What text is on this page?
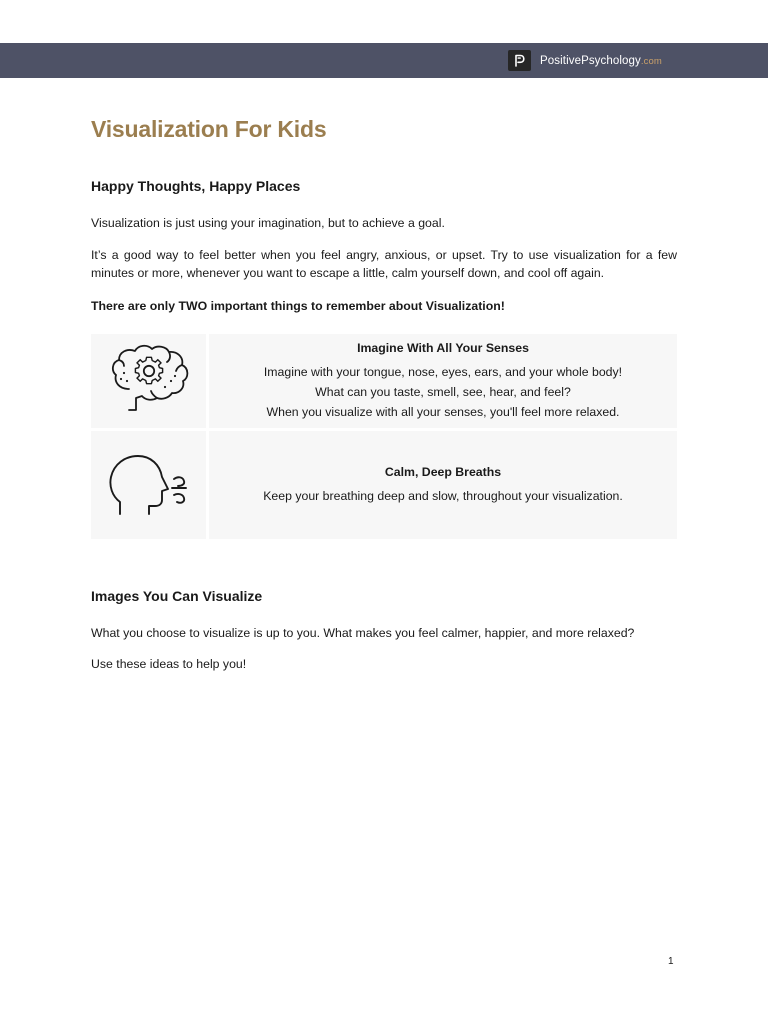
PositivePsychology.com
Visualization For Kids
Happy Thoughts, Happy Places

Visualization is just using your imagination, but to achieve a goal.

It’s a good way to feel better when you feel angry, anxious, or upset. Try to use visualization for a few minutes or more, whenever you want to escape a little, calm yourself down, and cool off again.

There are only TWO important things to remember about Visualization!

Imagine With All Your Senses
Imagine with your tongue, nose, eyes, ears, and your whole body!
What can you taste, smell, see, hear, and feel?
When you visualize with all your senses, you'll feel more relaxed.
Calm, Deep Breaths
Keep your breathing deep and slow, throughout your visualization.
Images You Can Visualize

What you choose to visualize is up to you. What makes you feel calmer, happier, and more relaxed?

Use these ideas to help you!

1
